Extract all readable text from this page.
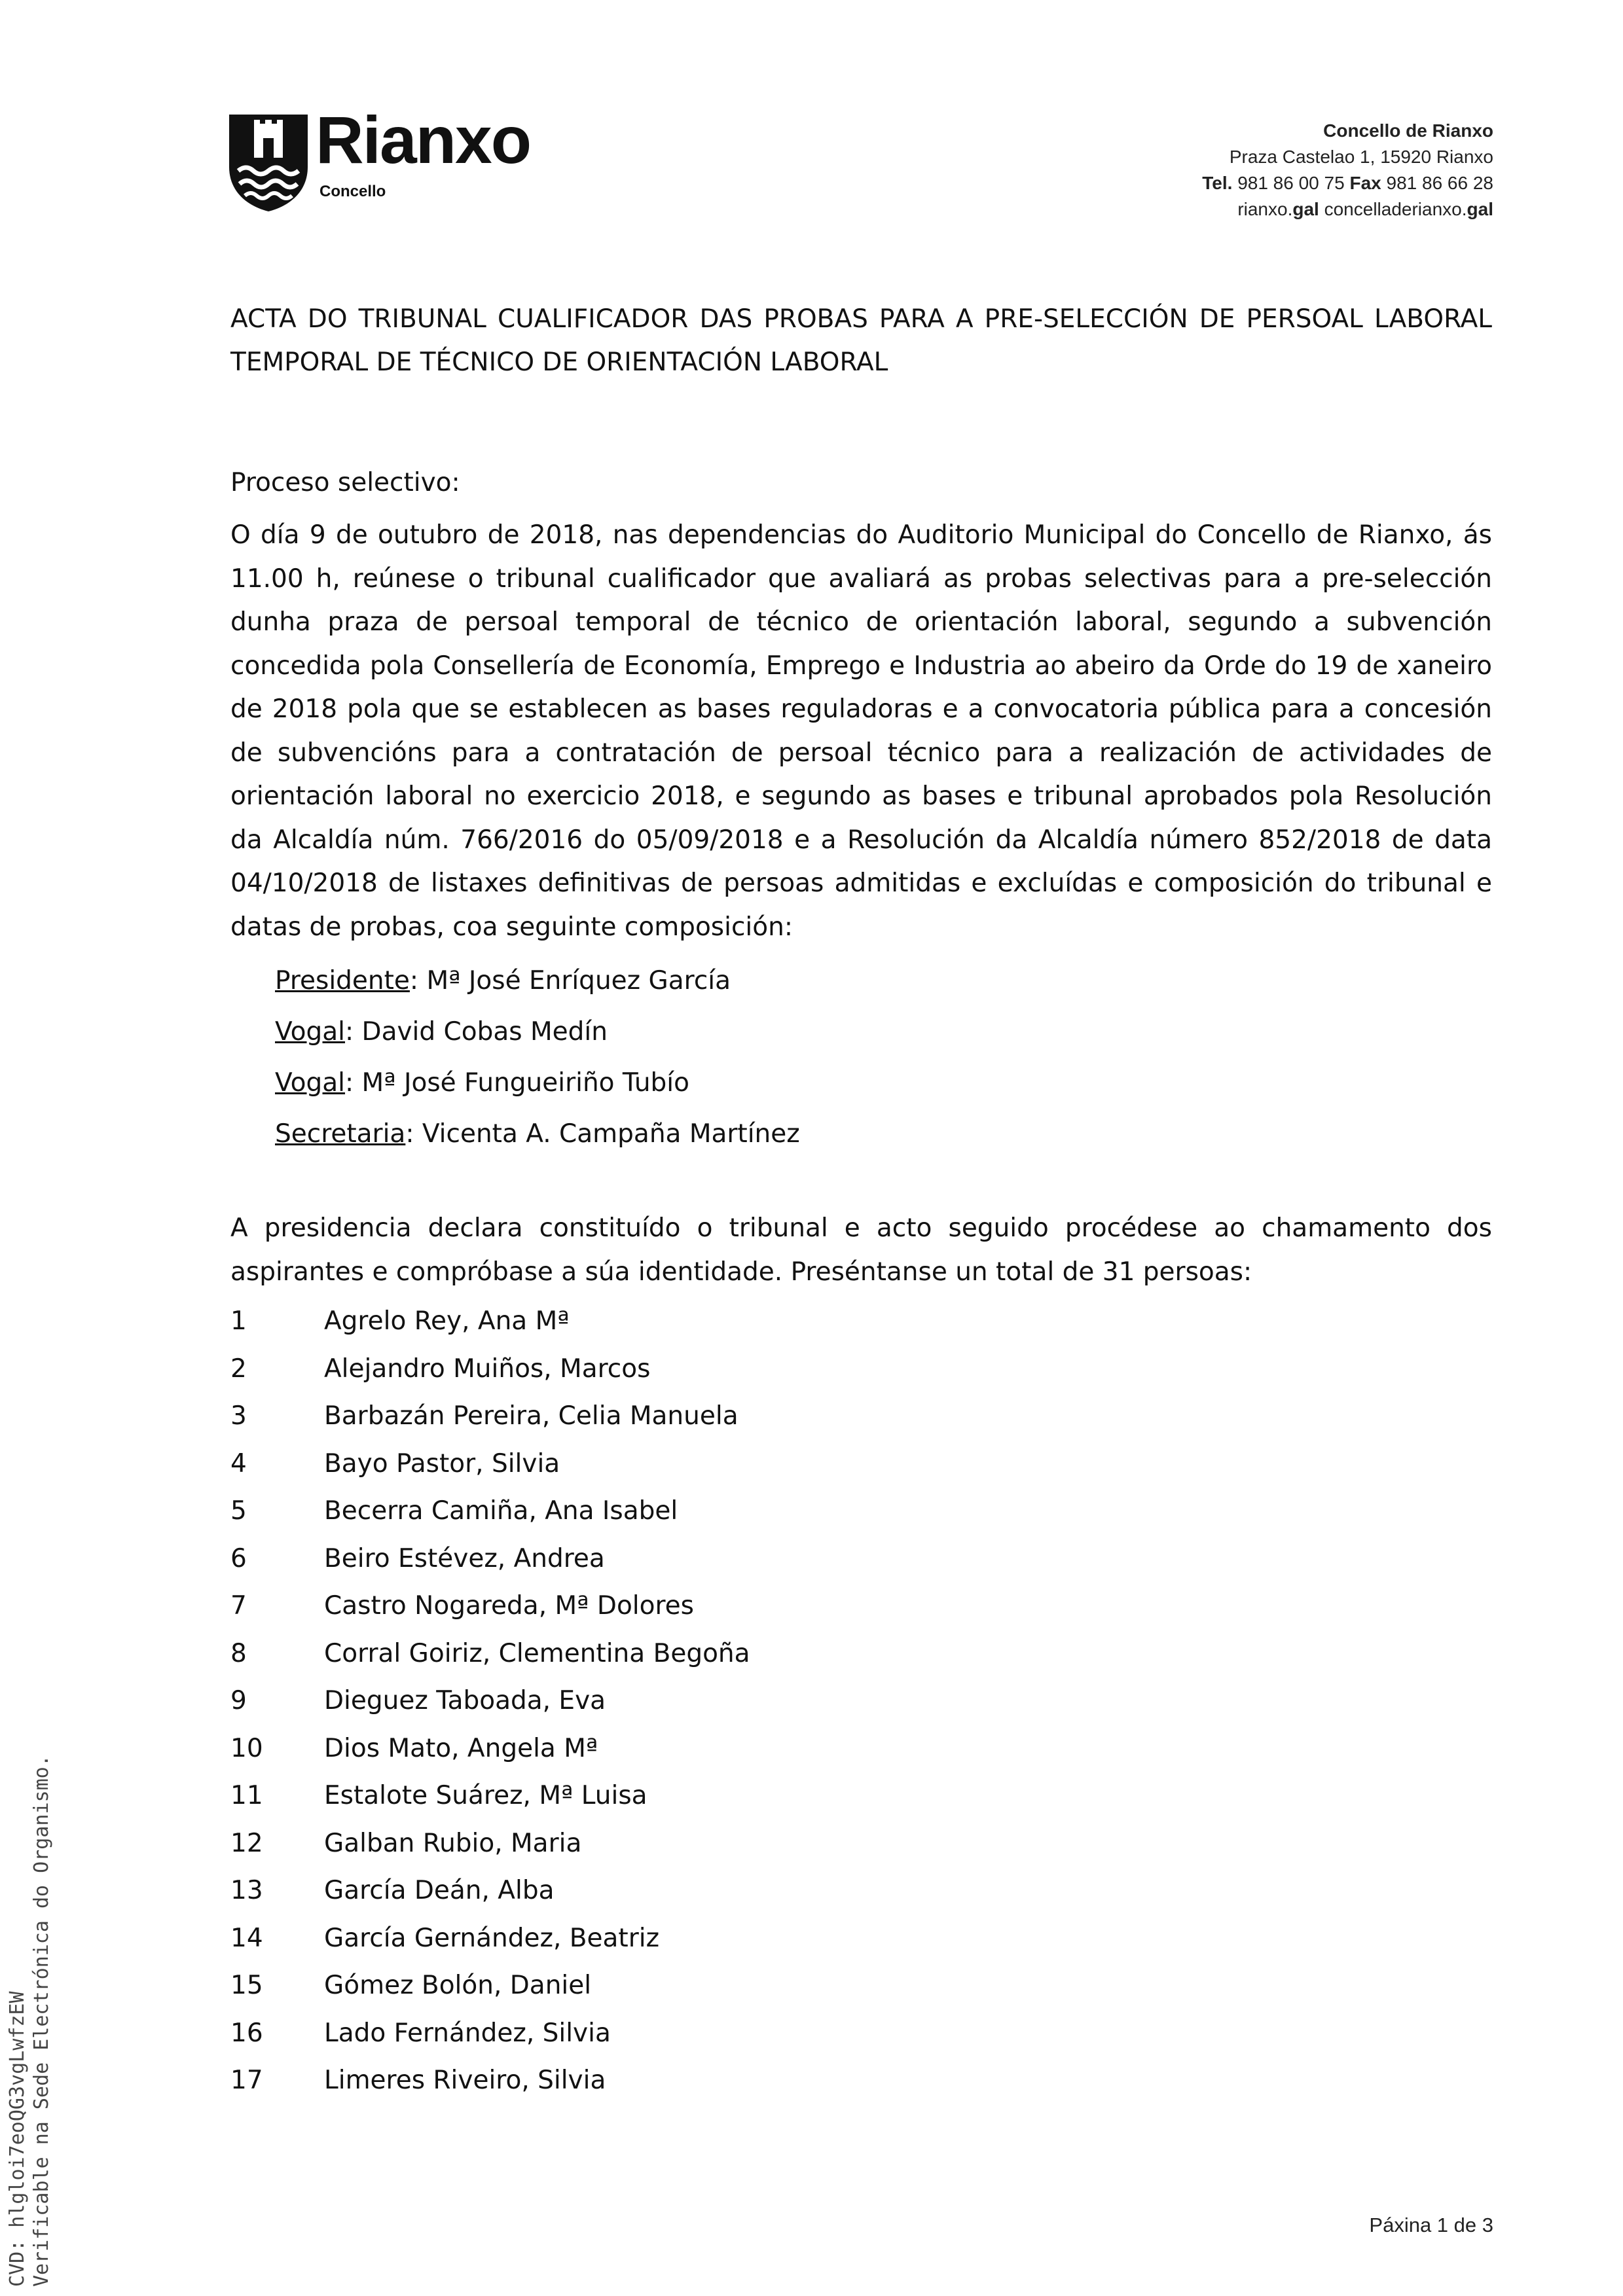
Rianxo
Concello
Concello de Rianxo
Praza Castelao 1, 15920 Rianxo
Tel. 981 86 00 75 Fax 981 86 66 28
rianxo.gal concelladerianxo.gal

ACTA DO TRIBUNAL CUALIFICADOR DAS PROBAS PARA A PRE-SELECCIÓN DE PERSOAL LABORAL TEMPORAL DE TÉCNICO DE ORIENTACIÓN LABORAL

Proceso selectivo:

O día 9 de outubro de 2018, nas dependencias do Auditorio Municipal do Concello de Rianxo, ás 11.00 h, reúnese o tribunal cualificador que avaliará as probas selectivas para a pre-selección dunha praza de persoal temporal de técnico de orientación laboral, segundo a subvención concedida pola Consellería de Economía, Emprego e Industria ao abeiro da Orde do 19 de xaneiro de 2018 pola que se establecen as bases reguladoras e a convocatoria pública para a concesión de subvencións para a contratación de persoal técnico para a realización de actividades de orientación laboral no exercicio 2018, e segundo as bases e tribunal aprobados pola Resolución da Alcaldía núm. 766/2016 do 05/09/2018 e a Resolución da Alcaldía número 852/2018 de data 04/10/2018 de listaxes definitivas de persoas admitidas e excluídas e composición do tribunal e datas de probas, coa seguinte composición:

Presidente: Mª José Enríquez García
Vogal: David Cobas Medín
Vogal: Mª José Fungueiriño Tubío
Secretaria: Vicenta A. Campaña Martínez

A presidencia declara constituído o tribunal e acto seguido procédese ao chamamento dos aspirantes e compróbase a súa identidade. Preséntanse un total de 31 persoas:

1	Agrelo Rey, Ana Mª
2	Alejandro Muiños, Marcos
3	Barbazán Pereira, Celia Manuela
4	Bayo Pastor, Silvia
5	Becerra Camiña, Ana Isabel
6	Beiro Estévez, Andrea
7	Castro Nogareda, Mª Dolores
8	Corral Goiriz, Clementina Begoña
9	Dieguez Taboada, Eva
10	Dios Mato, Angela Mª
11	Estalote Suárez, Mª Luisa
12	Galban Rubio, Maria
13	García Deán, Alba
14	García Gernández, Beatriz
15	Gómez Bolón, Daniel
16	Lado Fernández, Silvia
17	Limeres Riveiro, Silvia
Páxina 1 de 3
CVD: hlgloi7eoQG3vgLwfzEW Verificable na Sede Electrónica do Organismo.
